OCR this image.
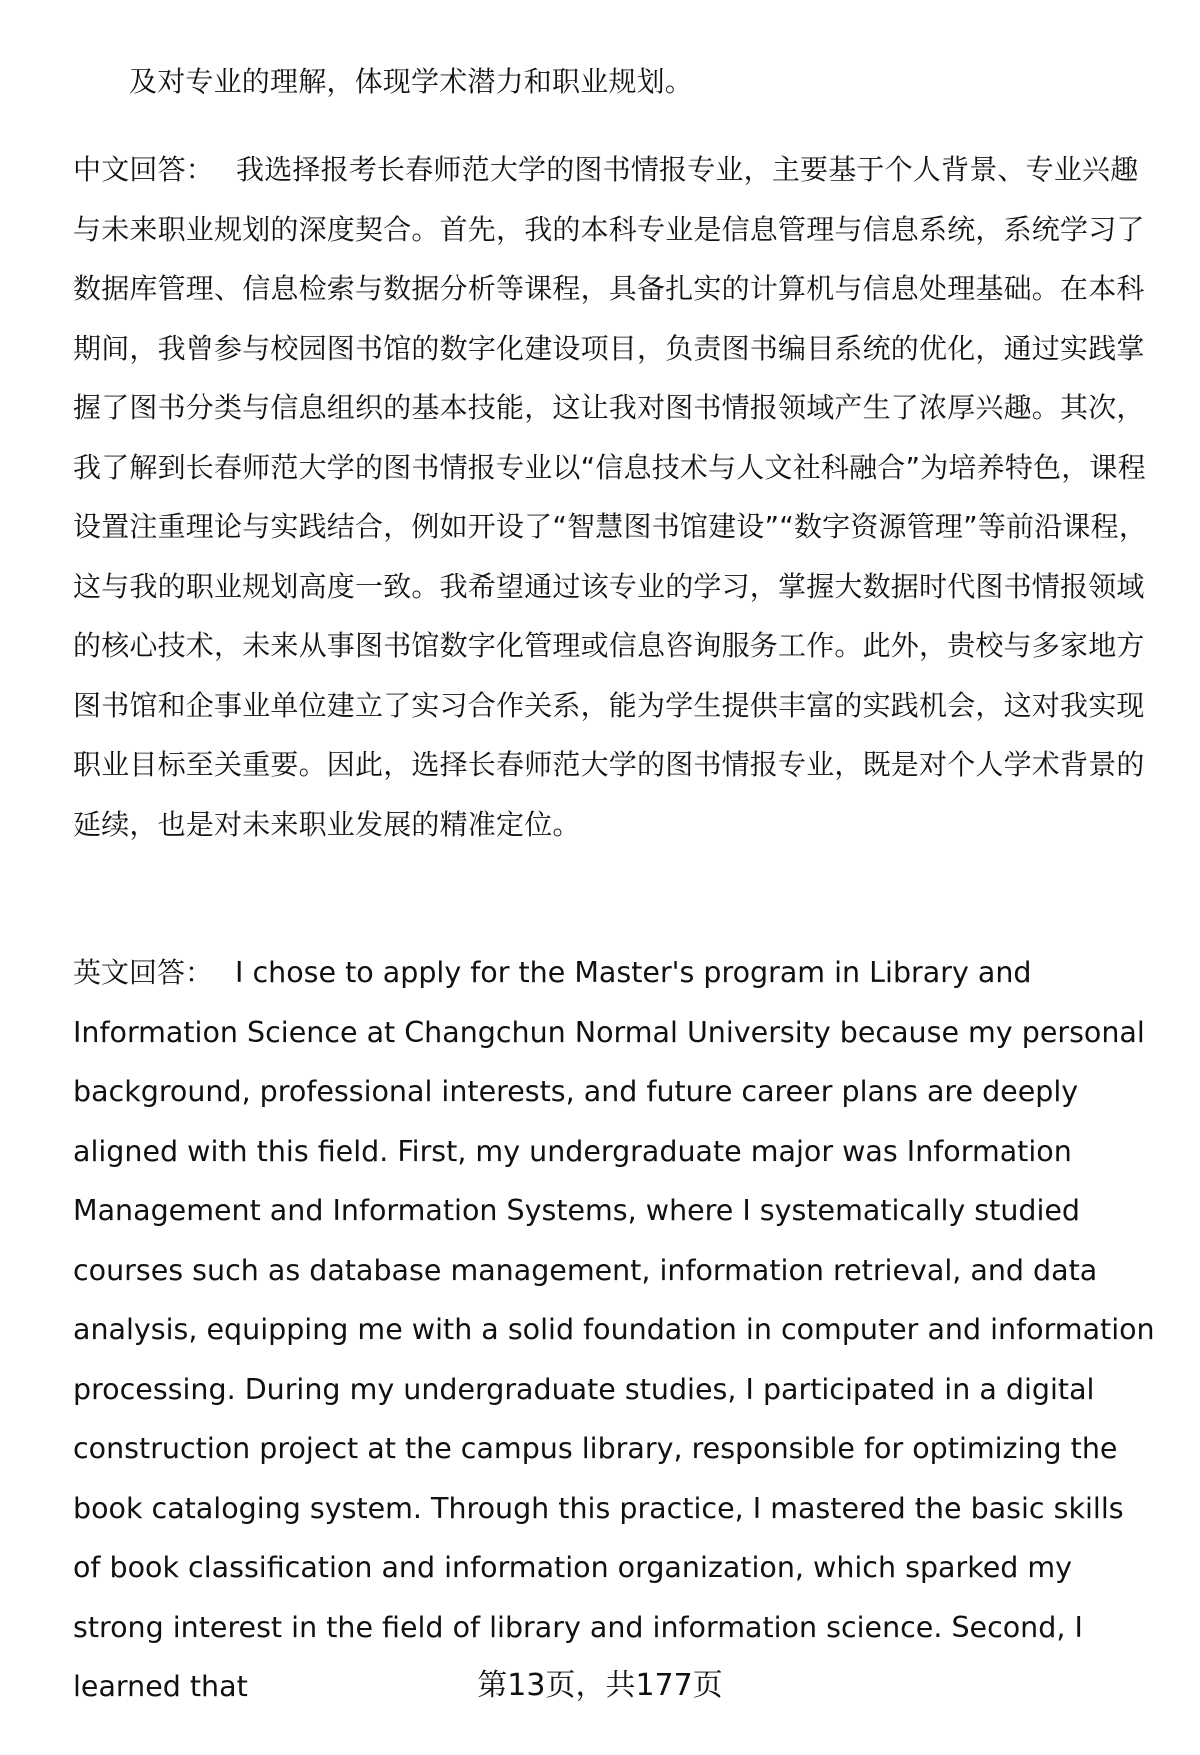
及对专业的理解，体现学术潜力和职业规划。

中文回答： 我选择报考长春师范大学的图书情报专业，主要基于个人背景、专业兴趣与未来职业规划的深度契合。首先，我的本科专业是信息管理与信息系统，系统学习了数据库管理、信息检索与数据分析等课程，具备扎实的计算机与信息处理基础。在本科期间，我曾参与校园图书馆的数字化建设项目，负责图书编目系统的优化，通过实践掌握了图书分类与信息组织的基本技能，这让我对图书情报领域产生了浓厚兴趣。其次，我了解到长春师范大学的图书情报专业以“信息技术与人文社科融合”为培养特色，课程设置注重理论与实践结合，例如开设了“智慧图书馆建设”“数字资源管理”等前沿课程，这与我的职业规划高度一致。我希望通过该专业的学习，掌握大数据时代图书情报领域的核心技术，未来从事图书馆数字化管理或信息咨询服务工作。此外，贵校与多家地方图书馆和企事业单位建立了实习合作关系，能为学生提供丰富的实践机会，这对我实现职业目标至关重要。因此，选择长春师范大学的图书情报专业，既是对个人学术背景的延续，也是对未来职业发展的精准定位。

英文回答： I chose to apply for the Master's program in Library and Information Science at Changchun Normal University because my personal background, professional interests, and future career plans are deeply aligned with this field. First, my undergraduate major was Information Management and Information Systems, where I systematically studied courses such as database management, information retrieval, and data analysis, equipping me with a solid foundation in computer and information processing. During my undergraduate studies, I participated in a digital construction project at the campus library, responsible for optimizing the book cataloging system. Through this practice, I mastered the basic skills of book classification and information organization, which sparked my strong interest in the field of library and information science. Second, I learned that	第13页，共177页
